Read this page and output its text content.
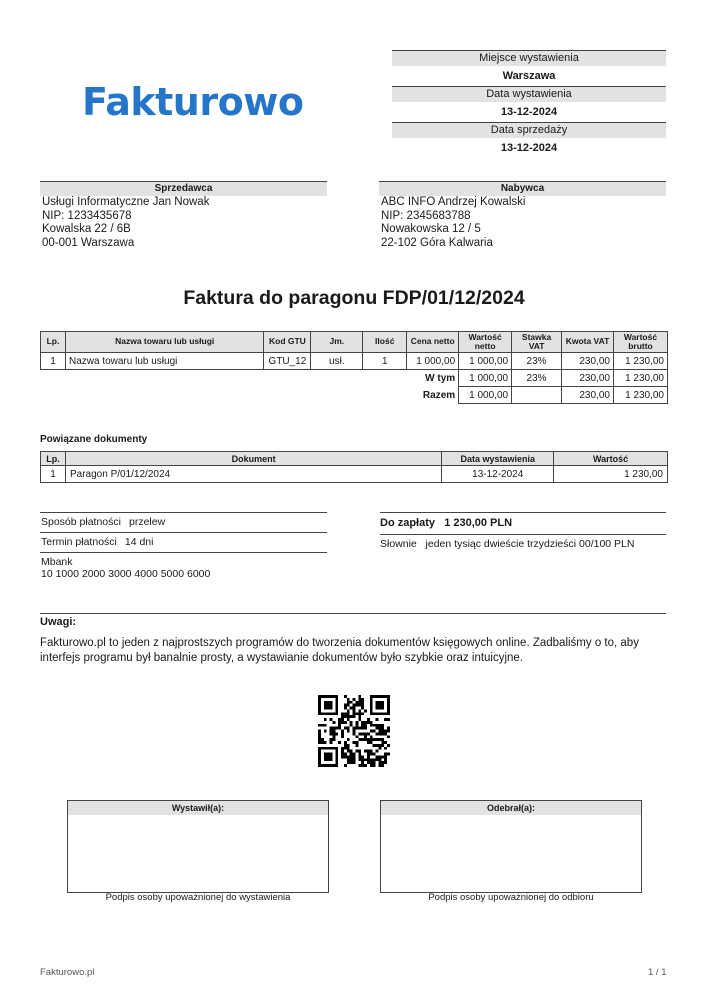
Fakturowo
Miejsce wystawienia
Warszawa
Data wystawienia
13-12-2024
Data sprzedaży
13-12-2024
Sprzedawca
Usługi Informatyczne Jan Nowak
NIP: 1233435678
Kowalska 22 / 6B
00-001 Warszawa
Nabywca
ABC INFO Andrzej Kowalski
NIP: 2345683788
Nowakowska 12 / 5
22-102 Góra Kalwaria
Faktura do paragonu FDP/01/12/2024
Lp.	Nazwa towaru lub usługi	Kod GTU	Jm.	Ilość	Cena netto	Wartość netto	Stawka VAT	Kwota VAT	Wartość brutto
1	Nazwa towaru lub usługi	GTU_12	usł.	1	1 000,00	1 000,00	23%	230,00	1 230,00
					W tym	1 000,00	23%	230,00	1 230,00
					Razem	1 000,00		230,00	1 230,00
Powiązane dokumenty
Lp.	Dokument	Data wystawienia	Wartość
1	Paragon P/01/12/2024	13-12-2024	1 230,00
Sposób płatności przelew
Termin płatności 14 dni
Mbank
10 1000 2000 3000 4000 5000 6000
Do zapłaty 1 230,00 PLN
Słownie jeden tysiąc dwieście trzydzieści 00/100 PLN
Uwagi:
Fakturowo.pl to jeden z najprostszych programów do tworzenia dokumentów księgowych online. Zadbaliśmy o to, aby interfejs programu był banalnie prosty, a wystawianie dokumentów było szybkie oraz intuicyjne.
Wystawił(a):
Podpis osoby upoważnionej do wystawienia
Odebrał(a):
Podpis osoby upoważnionej do odbioru
Fakturowo.pl	1 / 1
